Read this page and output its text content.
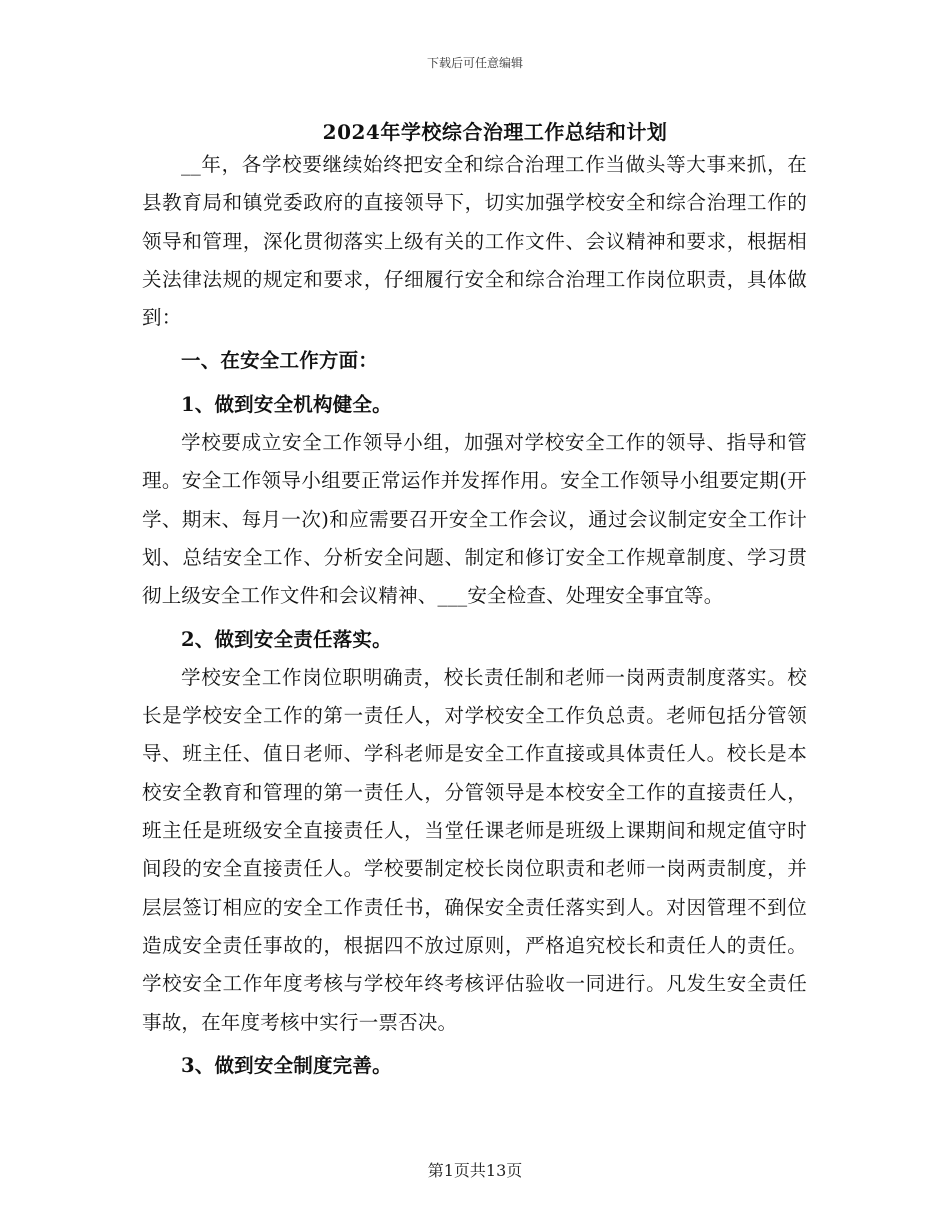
下载后可任意编辑
2024年学校综合治理工作总结和计划

__年，各学校要继续始终把安全和综合治理工作当做头等大事来抓，在县教育局和镇党委政府的直接领导下，切实加强学校安全和综合治理工作的领导和管理，深化贯彻落实上级有关的工作文件、会议精神和要求，根据相关法律法规的规定和要求，仔细履行安全和综合治理工作岗位职责，具体做到：

一、在安全工作方面：

1、做到安全机构健全。

学校要成立安全工作领导小组，加强对学校安全工作的领导、指导和管理。安全工作领导小组要正常运作并发挥作用。安全工作领导小组要定期(开学、期末、每月一次)和应需要召开安全工作会议，通过会议制定安全工作计划、总结安全工作、分析安全问题、制定和修订安全工作规章制度、学习贯彻上级安全工作文件和会议精神、___安全检查、处理安全事宜等。

2、做到安全责任落实。

学校安全工作岗位职明确责，校长责任制和老师一岗两责制度落实。校长是学校安全工作的第一责任人，对学校安全工作负总责。老师包括分管领导、班主任、值日老师、学科老师是安全工作直接或具体责任人。校长是本校安全教育和管理的第一责任人，分管领导是本校安全工作的直接责任人，班主任是班级安全直接责任人，当堂任课老师是班级上课期间和规定值守时间段的安全直接责任人。学校要制定校长岗位职责和老师一岗两责制度，并层层签订相应的安全工作责任书，确保安全责任落实到人。对因管理不到位造成安全责任事故的，根据四不放过原则，严格追究校长和责任人的责任。学校安全工作年度考核与学校年终考核评估验收一同进行。凡发生安全责任事故，在年度考核中实行一票否决。

3、做到安全制度完善。

第1页共13页
